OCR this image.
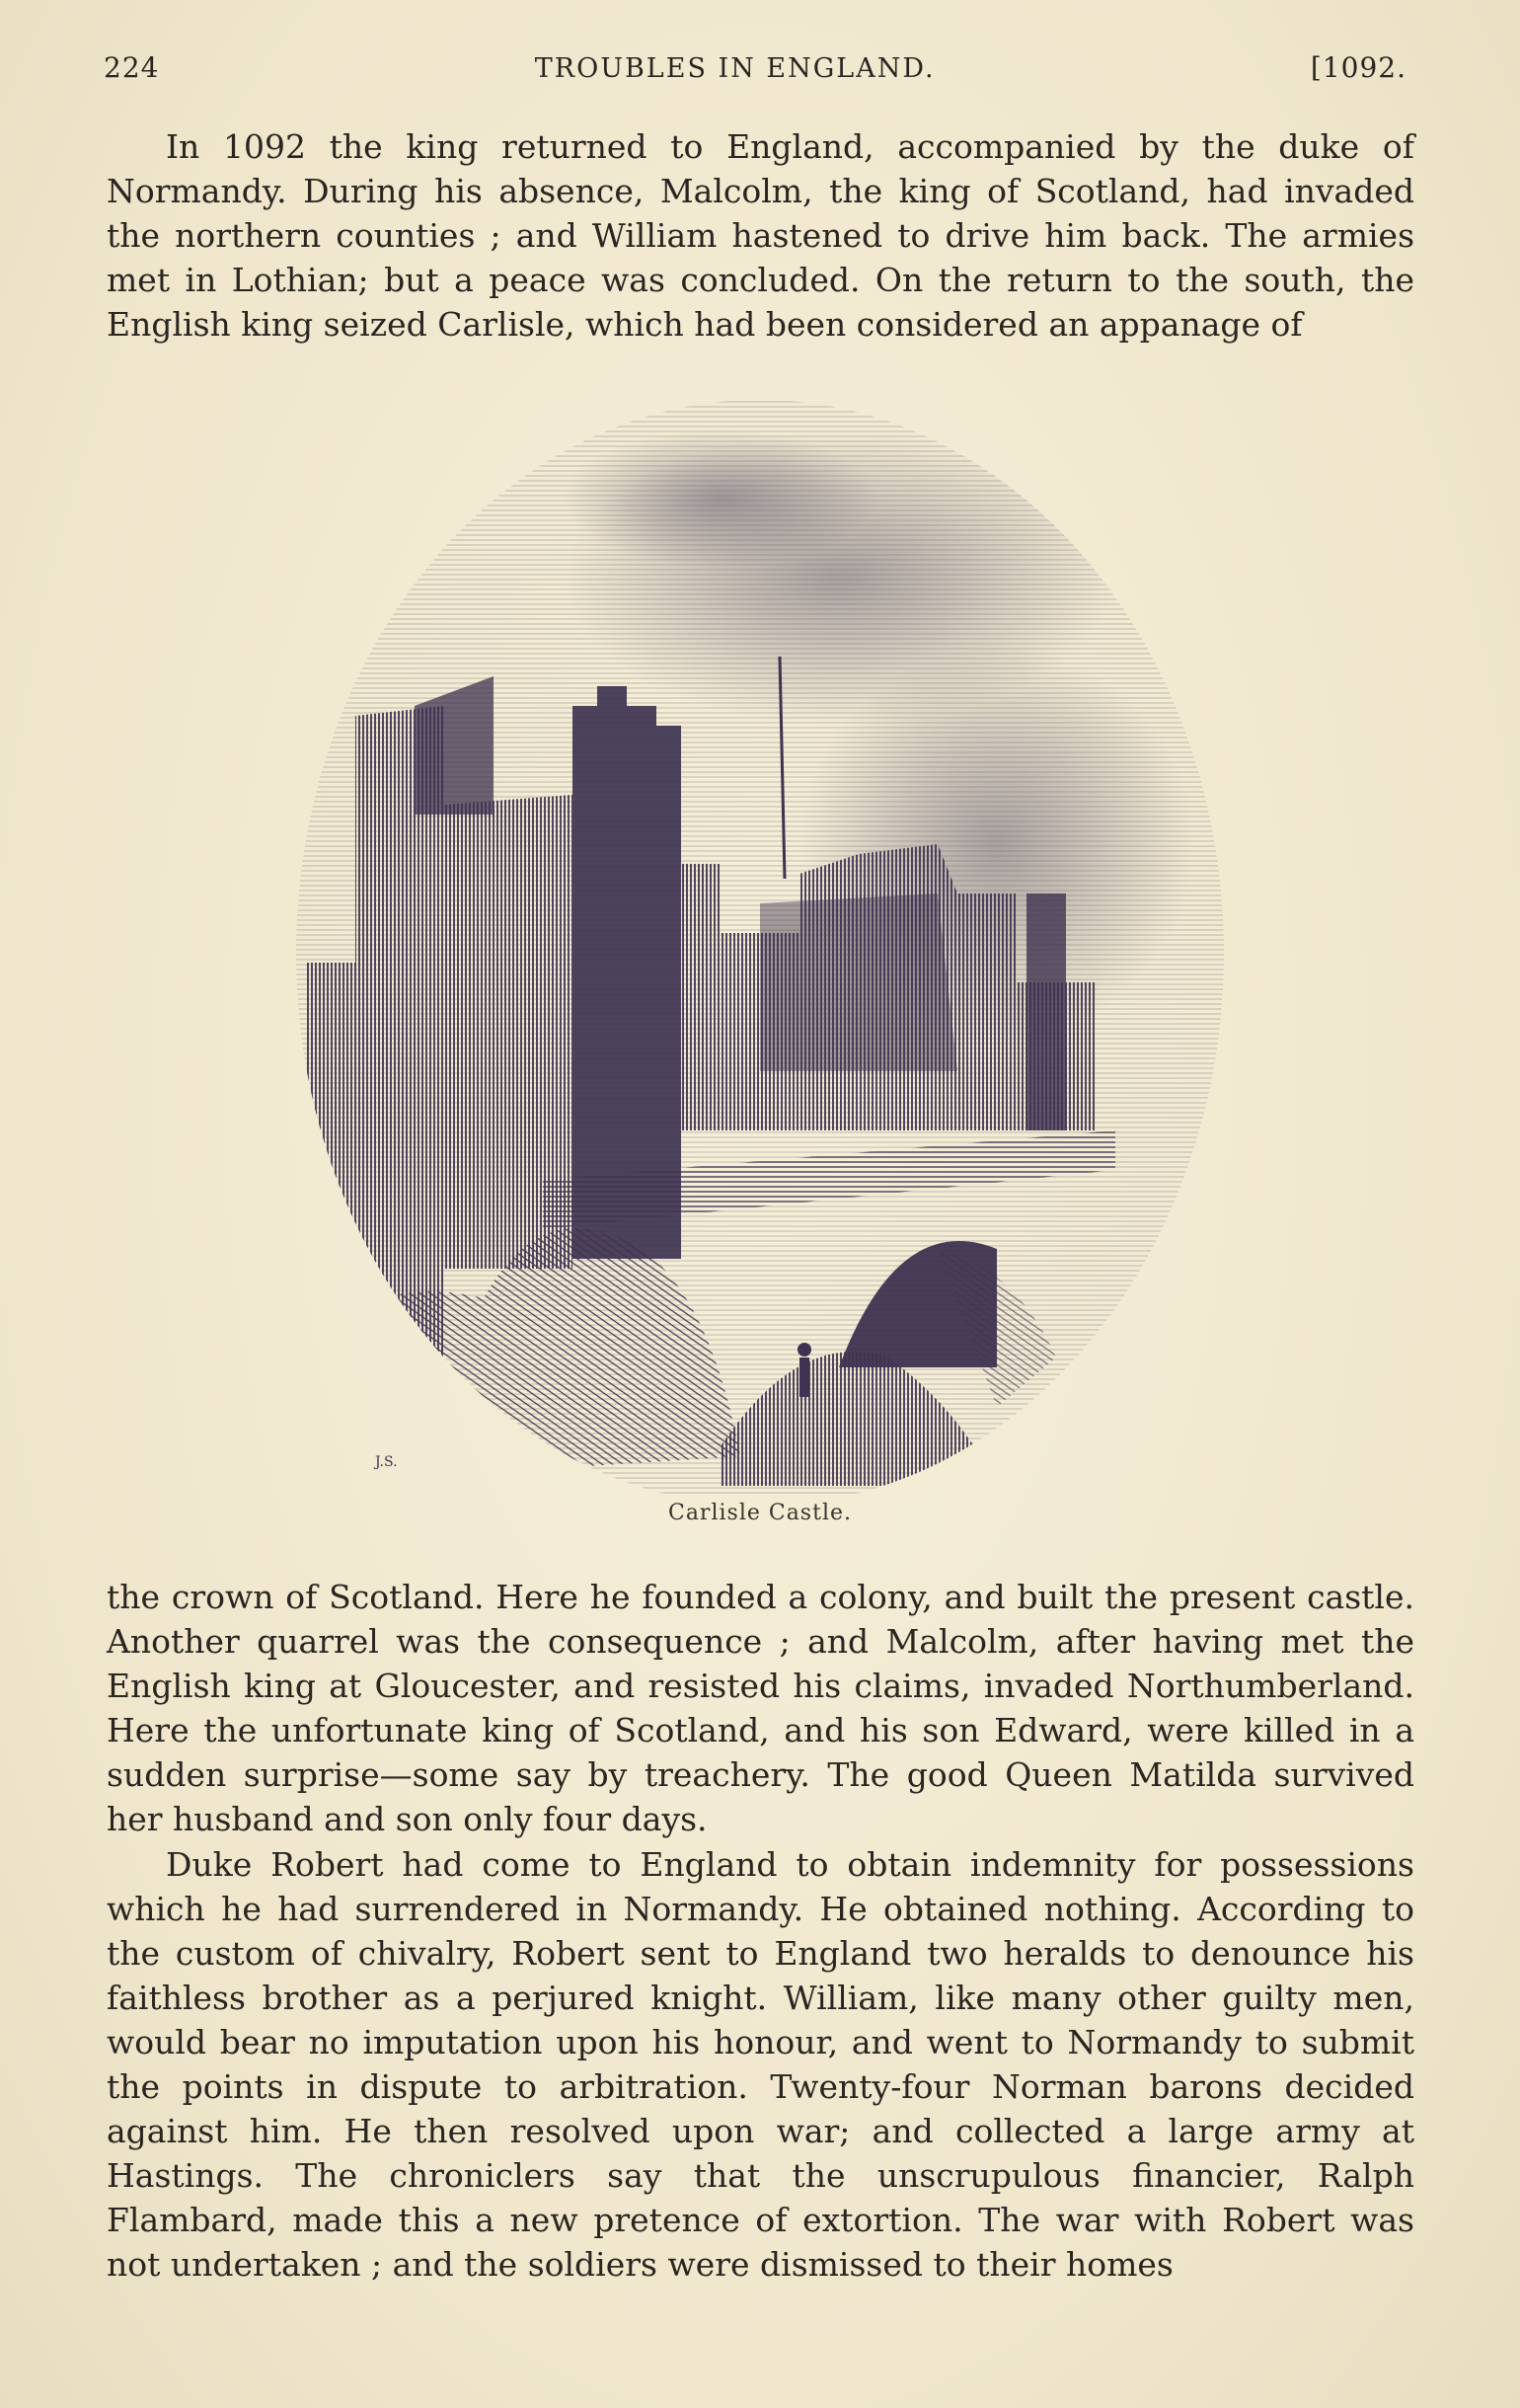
224	TROUBLES IN ENGLAND.	[1092.
In 1092 the king returned to England, accompanied by the duke of Normandy. During his absence, Malcolm, the king of Scotland, had invaded the northern counties ; and William hastened to drive him back. The armies met in Lothian; but a peace was concluded. On the return to the south, the English king seized Carlisle, which had been considered an appanage of
J.S.
Carlisle Castle.
the crown of Scotland. Here he founded a colony, and built the present castle. Another quarrel was the consequence ; and Malcolm, after having met the English king at Gloucester, and resisted his claims, invaded Northumberland. Here the unfortunate king of Scotland, and his son Edward, were killed in a sudden surprise—some say by treachery. The good Queen Matilda survived her husband and son only four days.
Duke Robert had come to England to obtain indemnity for possessions which he had surrendered in Normandy. He obtained nothing. According to the custom of chivalry, Robert sent to England two heralds to denounce his faithless brother as a perjured knight. William, like many other guilty men, would bear no imputation upon his honour, and went to Normandy to submit the points in dispute to arbitration. Twenty-four Norman barons decided against him. He then resolved upon war; and collected a large army at Hastings. The chroniclers say that the unscrupulous financier, Ralph Flambard, made this a new pretence of extortion. The war with Robert was not undertaken ; and the soldiers were dismissed to their homes
